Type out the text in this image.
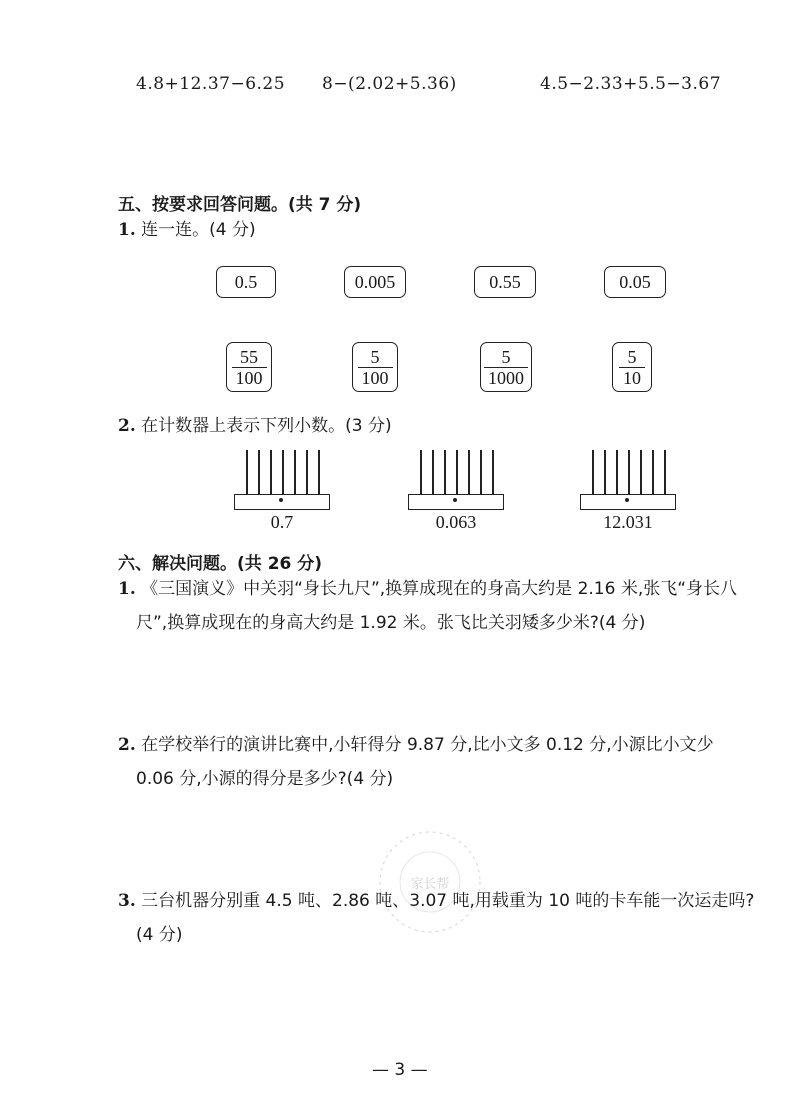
4.8+12.37−6.25 8−(2.02+5.36)	4.5−2.33+5.5−3.67
五、按要求回答问题。(共 7 分)
1. 连一连。(4 分)
0.5	0.005	0.55	0.05
$\frac{55}{100}$	$\frac{5}{100}$	$\frac{5}{1000}$	$\frac{5}{10}$
2. 在计数器上表示下列小数。(3 分)
0.7	0.063	12.031
六、解决问题。(共 26 分)
1. 《三国演义》中关羽“身长九尺”,换算成现在的身高大约是 2.16 米,张飞“身长八
尺”,换算成现在的身高大约是 1.92 米。张飞比关羽矮多少米?(4 分)
2. 在学校举行的演讲比赛中,小轩得分 9.87 分,比小文多 0.12 分,小源比小文少
0.06 分,小源的得分是多少?(4 分)
3. 三台机器分别重 4.5 吨、2.86 吨、3.07 吨,用载重为 10 吨的卡车能一次运走吗?
(4 分)
家长帮
— 3 —
